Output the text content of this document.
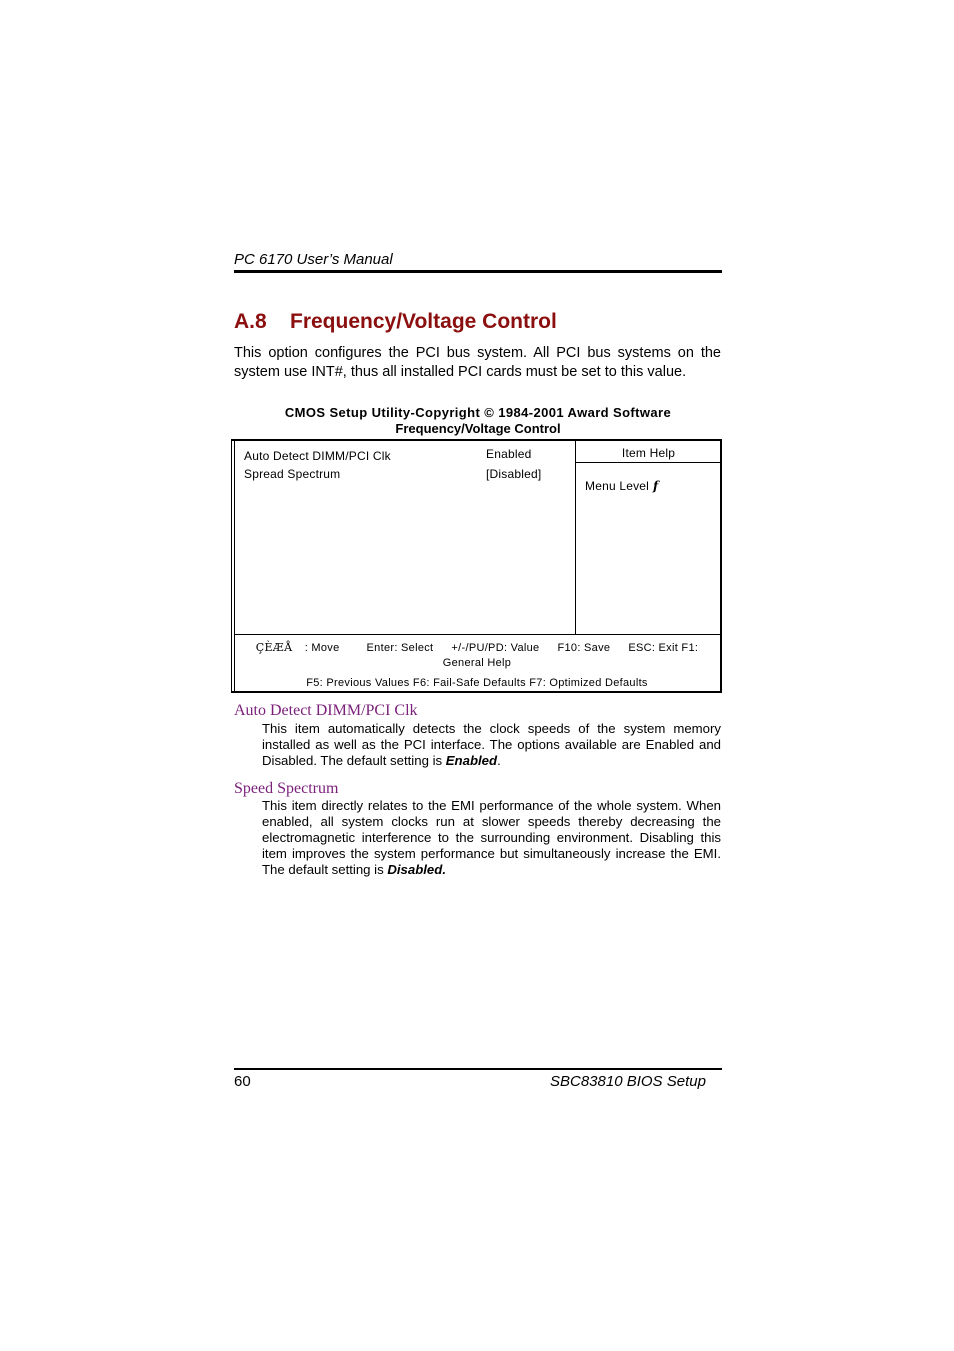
PC 6170 User’s Manual
A.8 Frequency/Voltage Control
This option configures the PCI bus system. All PCI bus systems on the system use INT#, thus all installed PCI cards must be set to this value.
CMOS Setup Utility-Copyright © 1984-2001 Award Software
Frequency/Voltage Control
Auto Detect DIMM/PCI Clk	Enabled
Spread Spectrum	[Disabled]
Item Help
Menu Level f
ÇÈÆÅ : Move Enter: Select +/-/PU/PD: Value F10: Save ESC: Exit F1:
General Help
F5: Previous Values F6: Fail-Safe Defaults F7: Optimized Defaults
Auto Detect DIMM/PCI Clk
This item automatically detects the clock speeds of the system memory installed as well as the PCI interface. The options available are Enabled and Disabled. The default setting is Enabled.
Speed Spectrum
This item directly relates to the EMI performance of the whole system. When enabled, all system clocks run at slower speeds thereby decreasing the electromagnetic interference to the surrounding environment. Disabling this item improves the system performance but simultaneously increase the EMI. The default setting is Disabled.
60	SBC83810 BIOS Setup
